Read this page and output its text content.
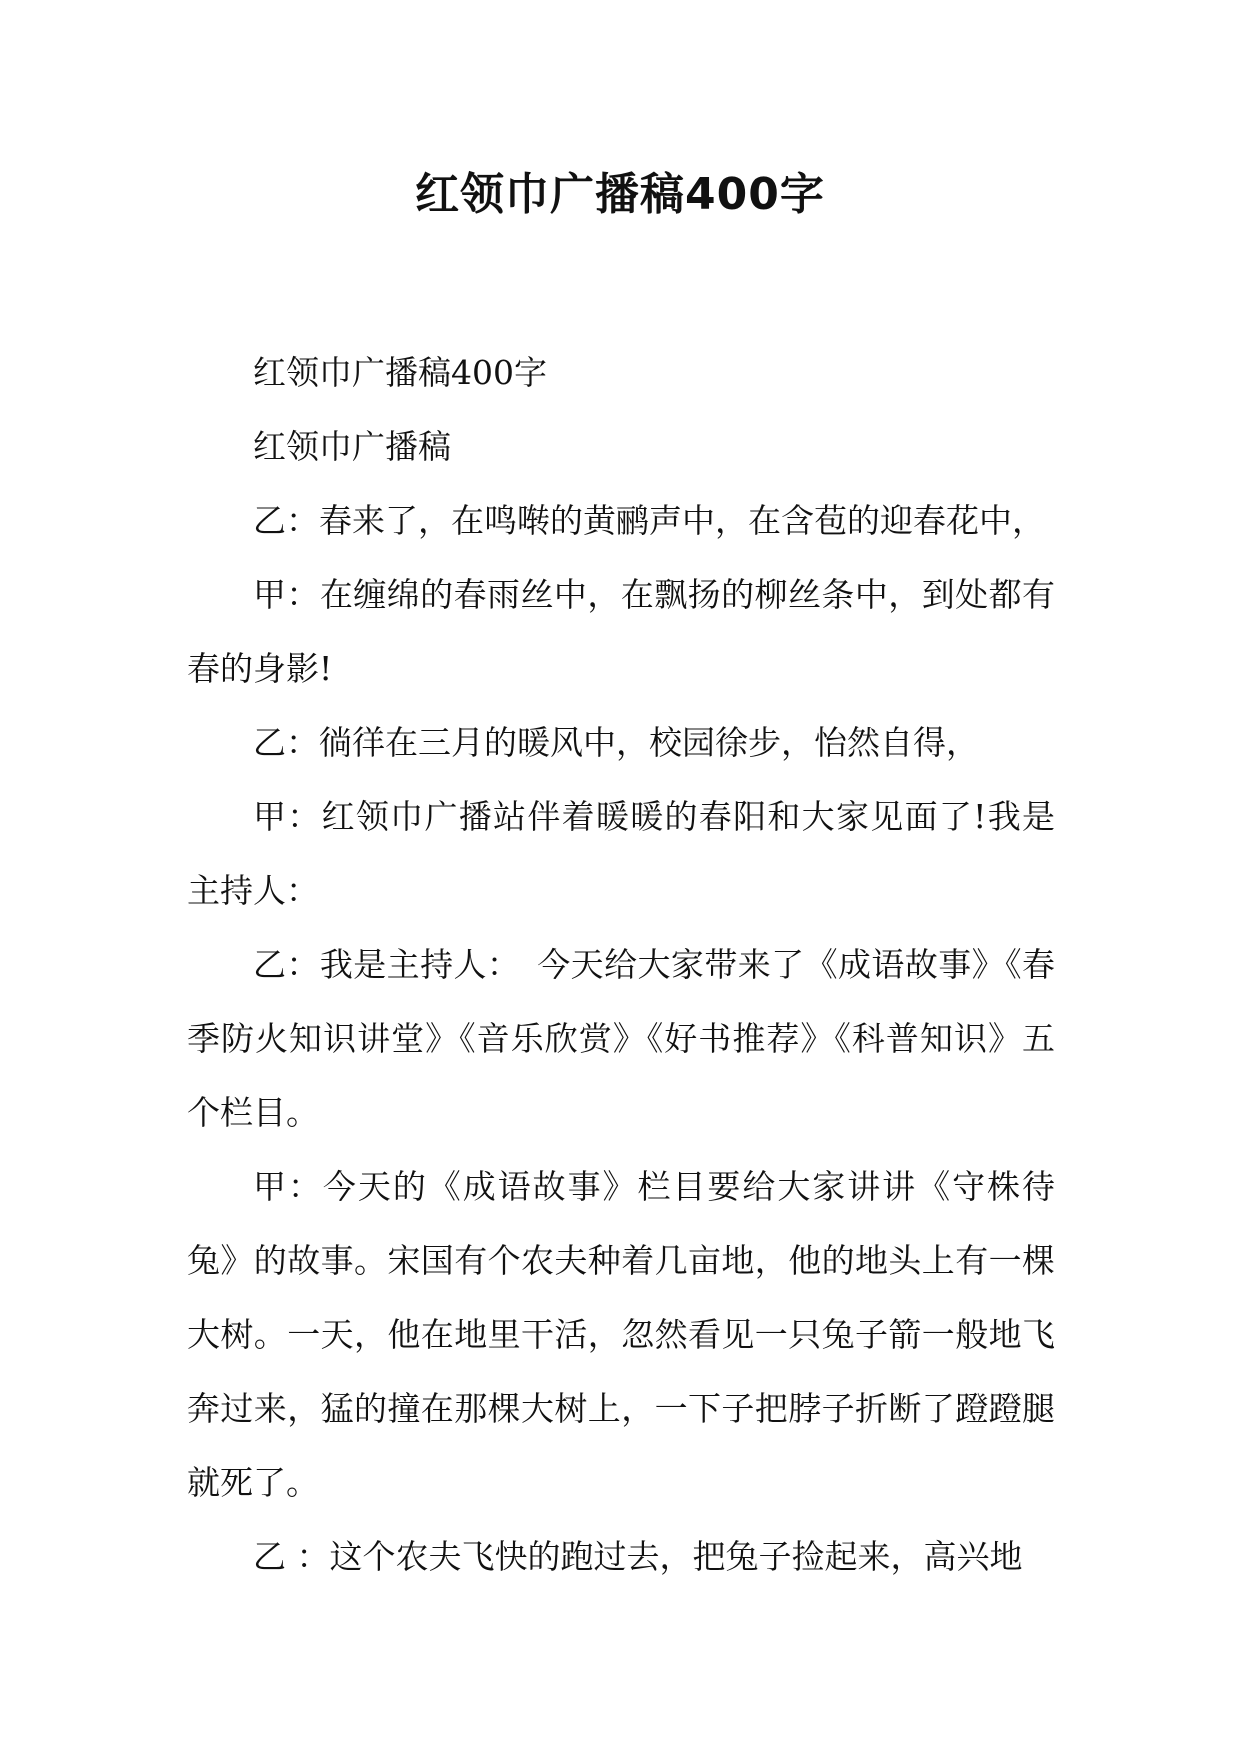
红领巾广播稿400字

红领巾广播稿400字

红领巾广播稿

乙：春来了，在鸣啭的黄鹂声中，在含苞的迎春花中，

甲：在缠绵的春雨丝中，在飘扬的柳丝条中，到处都有春的身影!

乙：徜徉在三月的暖风中，校园徐步，怡然自得，

甲：红领巾广播站伴着暖暖的春阳和大家见面了!我是主持人：

乙：我是主持人：　今天给大家带来了《成语故事》《春季防火知识讲堂》《音乐欣赏》《好书推荐》《科普知识》五个栏目。

甲：今天的《成语故事》栏目要给大家讲讲《守株待兔》的故事。宋国有个农夫种着几亩地，他的地头上有一棵大树。一天，他在地里干活，忽然看见一只兔子箭一般地飞奔过来，猛的撞在那棵大树上，一下子把脖子折断了蹬蹬腿就死了。

乙 ：这个农夫飞快的跑过去，把兔子捡起来，高兴地
